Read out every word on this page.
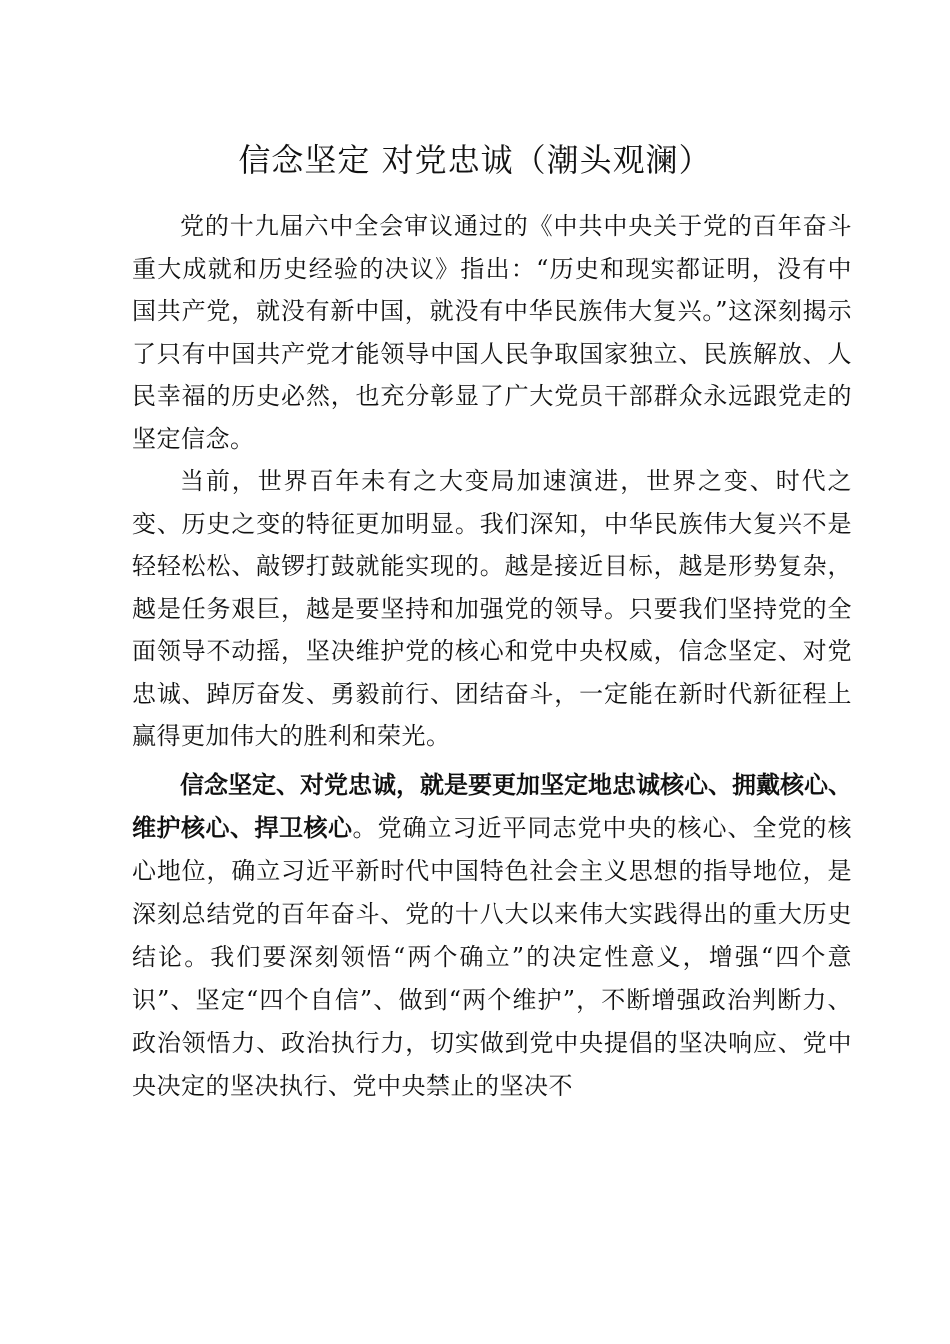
信念坚定 对党忠诚（潮头观澜）

党的十九届六中全会审议通过的《中共中央关于党的百年奋斗重大成就和历史经验的决议》指出：“历史和现实都证明，没有中国共产党，就没有新中国，就没有中华民族伟大复兴。”这深刻揭示了只有中国共产党才能领导中国人民争取国家独立、民族解放、人民幸福的历史必然，也充分彰显了广大党员干部群众永远跟党走的坚定信念。

当前，世界百年未有之大变局加速演进，世界之变、时代之变、历史之变的特征更加明显。我们深知，中华民族伟大复兴不是轻轻松松、敲锣打鼓就能实现的。越是接近目标，越是形势复杂，越是任务艰巨，越是要坚持和加强党的领导。只要我们坚持党的全面领导不动摇，坚决维护党的核心和党中央权威，信念坚定、对党忠诚、踔厉奋发、勇毅前行、团结奋斗，一定能在新时代新征程上赢得更加伟大的胜利和荣光。

信念坚定、对党忠诚，就是要更加坚定地忠诚核心、拥戴核心、维护核心、捍卫核心。党确立习近平同志党中央的核心、全党的核心地位，确立习近平新时代中国特色社会主义思想的指导地位，是深刻总结党的百年奋斗、党的十八大以来伟大实践得出的重大历史结论。我们要深刻领悟“两个确立”的决定性意义，增强“四个意识”、坚定“四个自信”、做到“两个维护”，不断增强政治判断力、政治领悟力、政治执行力，切实做到党中央提倡的坚决响应、党中央决定的坚决执行、党中央禁止的坚决不
